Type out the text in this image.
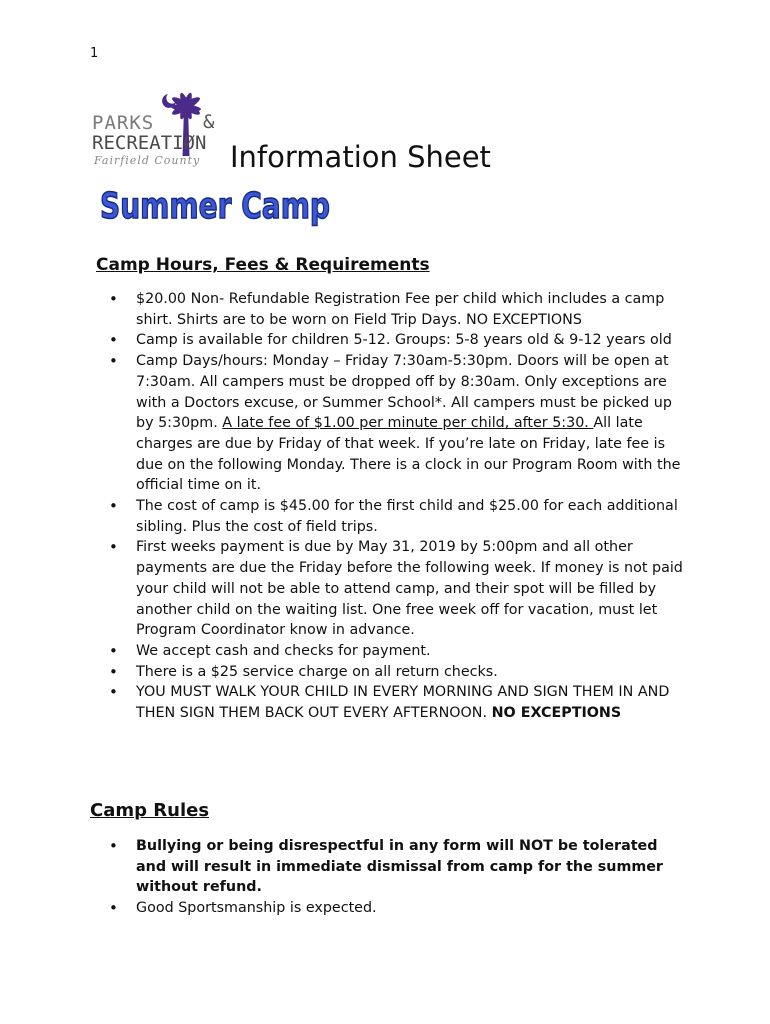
1
PARKS	&
RECREATIØN
Fairfield County Information Sheet
Summer Camp
Camp Hours, Fees & Requirements
• $20.00 Non- Refundable Registration Fee per child which includes a camp shirt. Shirts are to be worn on Field Trip Days. NO EXCEPTIONS
• Camp is available for children 5-12. Groups: 5-8 years old & 9-12 years old
• Camp Days/hours: Monday – Friday 7:30am-5:30pm. Doors will be open at 7:30am. All campers must be dropped off by 8:30am. Only exceptions are with a Doctors excuse, or Summer School*. All campers must be picked up by 5:30pm. A late fee of $1.00 per minute per child, after 5:30. All late charges are due by Friday of that week. If you’re late on Friday, late fee is due on the following Monday. There is a clock in our Program Room with the official time on it.
• The cost of camp is $45.00 for the first child and $25.00 for each additional sibling. Plus the cost of field trips.
• First weeks payment is due by May 31, 2019 by 5:00pm and all other payments are due the Friday before the following week. If money is not paid your child will not be able to attend camp, and their spot will be filled by another child on the waiting list. One free week off for vacation, must let Program Coordinator know in advance.
• We accept cash and checks for payment.
• There is a $25 service charge on all return checks.
• YOU MUST WALK YOUR CHILD IN EVERY MORNING AND SIGN THEM IN AND THEN SIGN THEM BACK OUT EVERY AFTERNOON. NO EXCEPTIONS
Camp Rules
• Bullying or being disrespectful in any form will NOT be tolerated and will result in immediate dismissal from camp for the summer without refund.
• Good Sportsmanship is expected.
